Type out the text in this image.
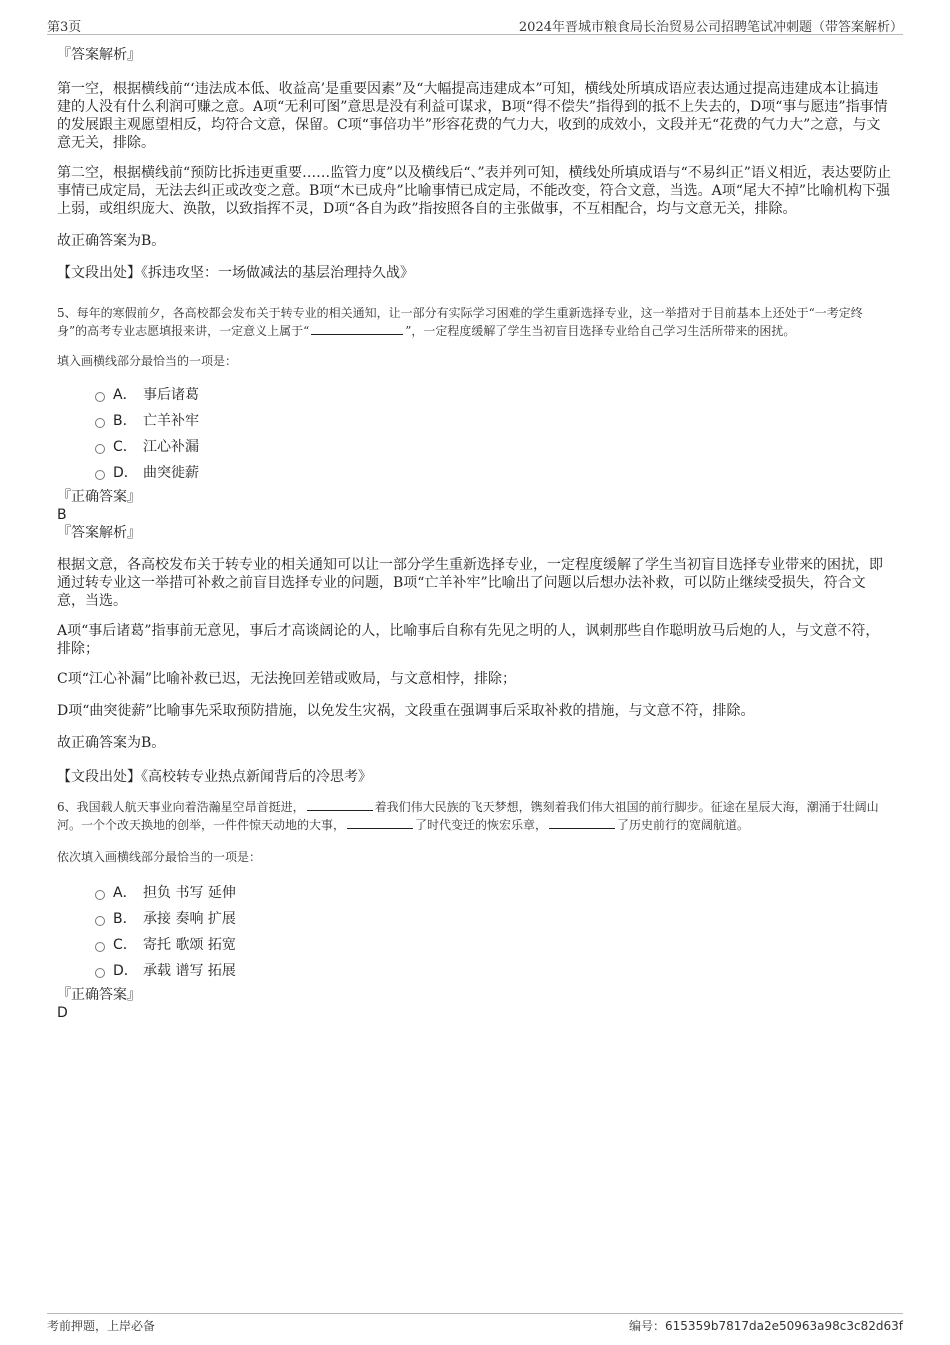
第3页	2024年晋城市粮食局长治贸易公司招聘笔试冲刺题（带答案解析）
『答案解析』

第一空，根据横线前“‘违法成本低、收益高’是重要因素”及“大幅提高违建成本”可知，横线处所填成语应表达通过提高违建成本让搞违建的人没有什么利润可赚之意。A项“无利可图”意思是没有利益可谋求，B项“得不偿失”指得到的抵不上失去的，D项“事与愿违”指事情的发展跟主观愿望相反，均符合文意，保留。C项“事倍功半”形容花费的气力大，收到的成效小，文段并无“花费的气力大”之意，与文意无关，排除。

第二空，根据横线前“预防比拆违更重要……监管力度”以及横线后“、”表并列可知，横线处所填成语与“不易纠正”语义相近，表达要防止事情已成定局，无法去纠正或改变之意。B项“木已成舟”比喻事情已成定局，不能改变，符合文意，当选。A项“尾大不掉”比喻机构下强上弱，或组织庞大、涣散，以致指挥不灵，D项“各自为政”指按照各自的主张做事，不互相配合，均与文意无关，排除。

故正确答案为B。

【文段出处】《拆违攻坚：一场做减法的基层治理持久战》

5、每年的寒假前夕，各高校都会发布关于转专业的相关通知，让一部分有实际学习困难的学生重新选择专业，这一举措对于目前基本上还处于“一考定终身”的高考专业志愿填报来讲，一定意义上属于“	”，一定程度缓解了学生当初盲目选择专业给自己学习生活所带来的困扰。

填入画横线部分最恰当的一项是：

A． 事后诸葛
B． 亡羊补牢
C． 江心补漏
D． 曲突徙薪
『正确答案』
B
『答案解析』

根据文意，各高校发布关于转专业的相关通知可以让一部分学生重新选择专业，一定程度缓解了学生当初盲目选择专业带来的困扰，即通过转专业这一举措可补救之前盲目选择专业的问题，B项“亡羊补牢”比喻出了问题以后想办法补救，可以防止继续受损失，符合文意，当选。

A项“事后诸葛”指事前无意见，事后才高谈阔论的人，比喻事后自称有先见之明的人，讽刺那些自作聪明放马后炮的人，与文意不符，排除；

C项“江心补漏”比喻补救已迟，无法挽回差错或败局，与文意相悖，排除；

D项“曲突徙薪”比喻事先采取预防措施，以免发生灾祸，文段重在强调事后采取补救的措施，与文意不符，排除。

故正确答案为B。

【文段出处】《高校转专业热点新闻背后的冷思考》

6、我国载人航天事业向着浩瀚星空昂首挺进，	着我们伟大民族的飞天梦想，镌刻着我们伟大祖国的前行脚步。征途在星辰大海，潮涌于壮阔山河。一个个改天换地的创举，一件件惊天动地的大事，	了时代变迁的恢宏乐章，	了历史前行的宽阔航道。

依次填入画横线部分最恰当的一项是：

A． 担负 书写 延伸
B． 承接 奏响 扩展
C． 寄托 歌颂 拓宽
D． 承载 谱写 拓展
『正确答案』
D
考前押题，上岸必备	编号：615359b7817da2e50963a98c3c82d63f
